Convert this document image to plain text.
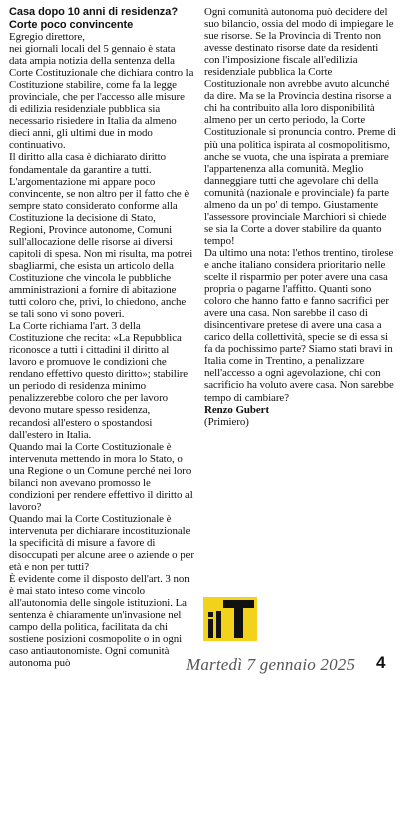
Casa dopo 10 anni di residenza? Corte poco convincente

Egregio direttore,
nei giornali locali del 5 gennaio è stata data ampia notizia della sentenza della Corte Costituzionale che dichiara contro la Costituzione stabilire, come fa la legge provinciale, che per l'accesso alle misure di edilizia residenziale pubblica sia necessario risiedere in Italia da almeno dieci anni, gli ultimi due in modo continuativo.

Il diritto alla casa è dichiarato diritto fondamentale da garantire a tutti. L'argomentazione mi appare poco convincente, se non altro per il fatto che è sempre stato considerato conforme alla Costituzione la decisione di Stato, Regioni, Province autonome, Comuni sull'allocazione delle risorse ai diversi capitoli di spesa. Non mi risulta, ma potrei sbagliarmi, che esista un articolo della Costituzione che vincola le pubbliche amministrazioni a fornire di abitazione tutti coloro che, privi, lo chiedono, anche se tali sono vi sono poveri.

La Corte richiama l'art. 3 della Costituzione che recita: «La Repubblica riconosce a tutti i cittadini il diritto al lavoro e promuove le condizioni che rendano effettivo questo diritto»; stabilire un periodo di residenza minimo penalizzerebbe coloro che per lavoro devono mutare spesso residenza, recandosi all'estero o spostandosi dall'estero in Italia.

Quando mai la Corte Costituzionale è intervenuta mettendo in mora lo Stato, o una Regione o un Comune perché nei loro bilanci non avevano promosso le condizioni per rendere effettivo il diritto al lavoro?

Quando mai la Corte Costituzionale è intervenuta per dichiarare incostituzionale la specificità di misure a favore di disoccupati per alcune aree o aziende o per età e non per tutti?

È evidente come il disposto dell'art. 3 non è mai stato inteso come vincolo all'autonomia delle singole istituzioni. La sentenza è chiaramente un'invasione nel campo della politica, facilitata da chi sostiene posizioni cosmopolite o in ogni caso antiautonomiste. Ogni comunità autonoma può

Ogni comunità autonoma può decidere del suo bilancio, ossia del modo di impiegare le sue risorse. Se la Provincia di Trento non avesse destinato risorse date da residenti con l'imposizione fiscale all'edilizia residenziale pubblica la Corte Costituzionale non avrebbe avuto alcunché da dire. Ma se la Provincia destina risorse a chi ha contribuito alla loro disponibilità almeno per un certo periodo, la Corte Costituzionale si pronuncia contro. Preme di più una politica ispirata al cosmopolitismo, anche se vuota, che una ispirata a premiare l'appartenenza alla comunità. Meglio danneggiare tutti che agevolare chi della comunità (nazionale e provinciale) fa parte almeno da un po' di tempo. Giustamente l'assessore provinciale Marchiori si chiede se sia la Corte a dover stabilire da quanto tempo!

Da ultimo una nota: l'ethos trentino, tirolese e anche italiano considera prioritario nelle scelte il risparmio per poter avere una casa propria o pagarne l'affitto. Quanti sono coloro che hanno fatto e fanno sacrifici per avere una casa. Non sarebbe il caso di disincentivare pretese di avere una casa a carico della collettività, specie se di essa si fa da pochissimo parte? Siamo stati bravi in Italia come in Trentino, a penalizzare nell'accesso a ogni agevolazione, chi con sacrificio ha voluto avere casa. Non sarebbe tempo di cambiare?

Renzo Gubert

(Primiero)

Martedì 7 gennaio 2025 4
